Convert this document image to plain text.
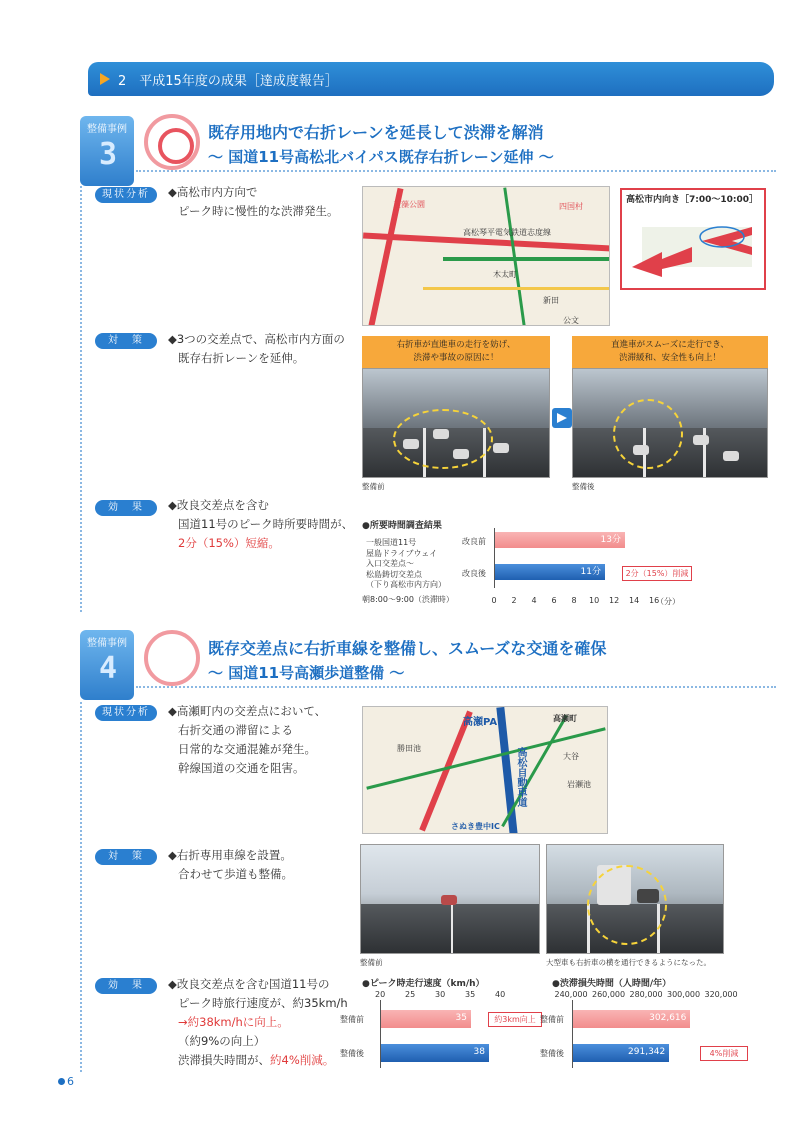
2　平成15年度の成果［達成度報告］
整備事例
3
既存用地内で右折レーンを延長して渋滞を解消
～ 国道11号高松北バイパス既存右折レーン延伸 ～
現状分析	◆高松市内方向で
ピーク時に慢性的な渋滞発生。	玉藻公園
高松琴平電気鉄道志度線
四国村
木太町
新田
公文
高松市内向き［7:00～10:00］
対　策	◆3つの交差点で、高松市内方面の
既存右折レーンを延伸。
右折車が直進車の走行を妨げ、
渋滞や事故の原因に！
直進車がスムーズに走行でき、
渋滞緩和、安全性も向上！
整備前	整備後
効　果	◆改良交差点を含む
国道11号のピーク時所要時間が、
2分（15%）短縮。
●所要時間調査結果
一般国道11号
屋島ドライブウェイ
入口交差点～
松島鋳切交差点
（下り高松市内方向）
朝8:00～9:00（渋滞時）
改良前
改良後
13分
11分	2分（15%）削減
0 2 4 6 8 10 12 14 16
（分）
整備事例
4
既存交差点に右折車線を整備し、スムーズな交通を確保
～ 国道11号高瀬歩道整備 ～
現状分析	◆高瀬町内の交差点において、
右折交通の滞留による
日常的な交通混雑が発生。
幹線国道の交通を阻害。
高瀬PA	高瀬町
高松自動車道
さぬき豊中IC
勝田池
岩瀬池
大谷
対　策	◆右折専用車線を設置。
合わせて歩道も整備。
整備前	大型車も右折車の横を通行できるようになった。
効　果	◆改良交差点を含む国道11号の
ピーク時旅行速度が、約35km/h
→約38km/hに向上。
（約9%の向上）
渋滞損失時間が、約4%削減。
●ピーク時走行速度（km/h）
20 25 30 35 40
整備前
整備後
35
38
約3km向上
●渋滞損失時間（人時間/年）
240,000 260,000 280,000 300,000 320,000
整備前
整備後
302,616
291,342	4%削減
6
